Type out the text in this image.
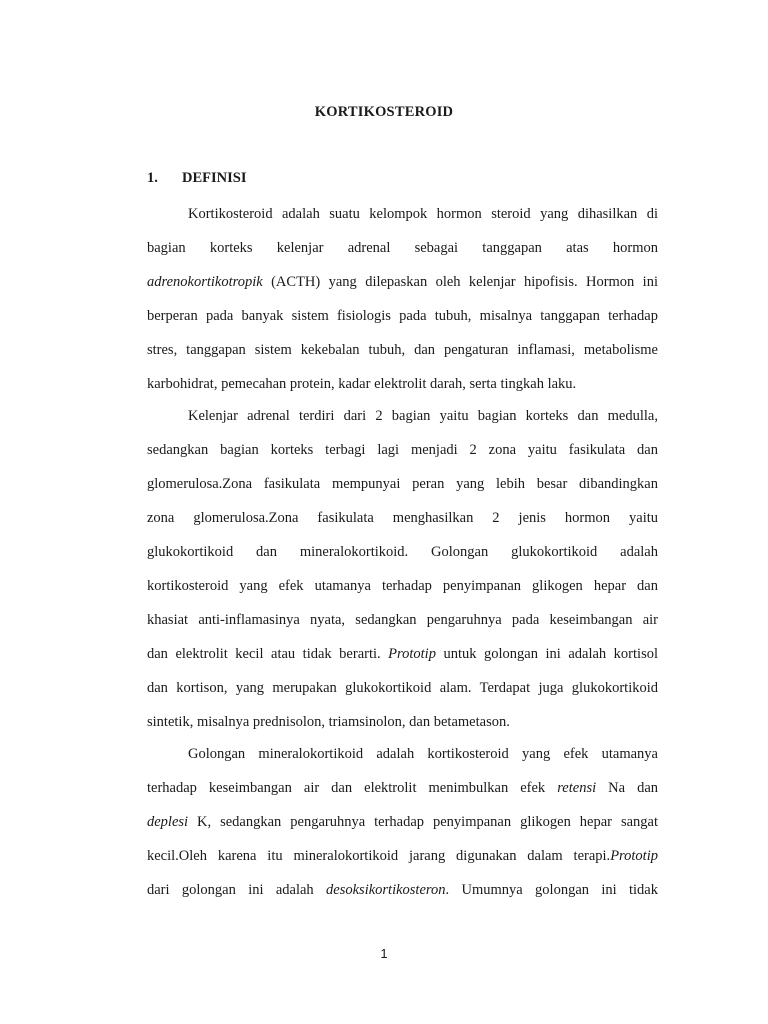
KORTIKOSTEROID
1. DEFINISI
Kortikosteroid adalah suatu kelompok hormon steroid yang dihasilkan di
bagian korteks kelenjar adrenal sebagai tanggapan atas hormon
adrenokortikotropik (ACTH) yang dilepaskan oleh kelenjar hipofisis. Hormon ini
berperan pada banyak sistem fisiologis pada tubuh, misalnya tanggapan terhadap
stres, tanggapan sistem kekebalan tubuh, dan pengaturan inflamasi, metabolisme
karbohidrat, pemecahan protein, kadar elektrolit darah, serta tingkah laku.
Kelenjar adrenal terdiri dari 2 bagian yaitu bagian korteks dan medulla,
sedangkan bagian korteks terbagi lagi menjadi 2 zona yaitu fasikulata dan
glomerulosa.Zona fasikulata mempunyai peran yang lebih besar dibandingkan
zona glomerulosa.Zona fasikulata menghasilkan 2 jenis hormon yaitu
glukokortikoid dan mineralokortikoid. Golongan glukokortikoid adalah
kortikosteroid yang efek utamanya terhadap penyimpanan glikogen hepar dan
khasiat anti-inflamasinya nyata, sedangkan pengaruhnya pada keseimbangan air
dan elektrolit kecil atau tidak berarti. Prototip untuk golongan ini adalah kortisol
dan kortison, yang merupakan glukokortikoid alam. Terdapat juga glukokortikoid
sintetik, misalnya prednisolon, triamsinolon, dan betametason.
Golongan mineralokortikoid adalah kortikosteroid yang efek utamanya
terhadap keseimbangan air dan elektrolit menimbulkan efek retensi Na dan
deplesi K, sedangkan pengaruhnya terhadap penyimpanan glikogen hepar sangat
kecil.Oleh karena itu mineralokortikoid jarang digunakan dalam terapi.Prototip
dari golongan ini adalah desoksikortikosteron. Umumnya golongan ini tidak
1
